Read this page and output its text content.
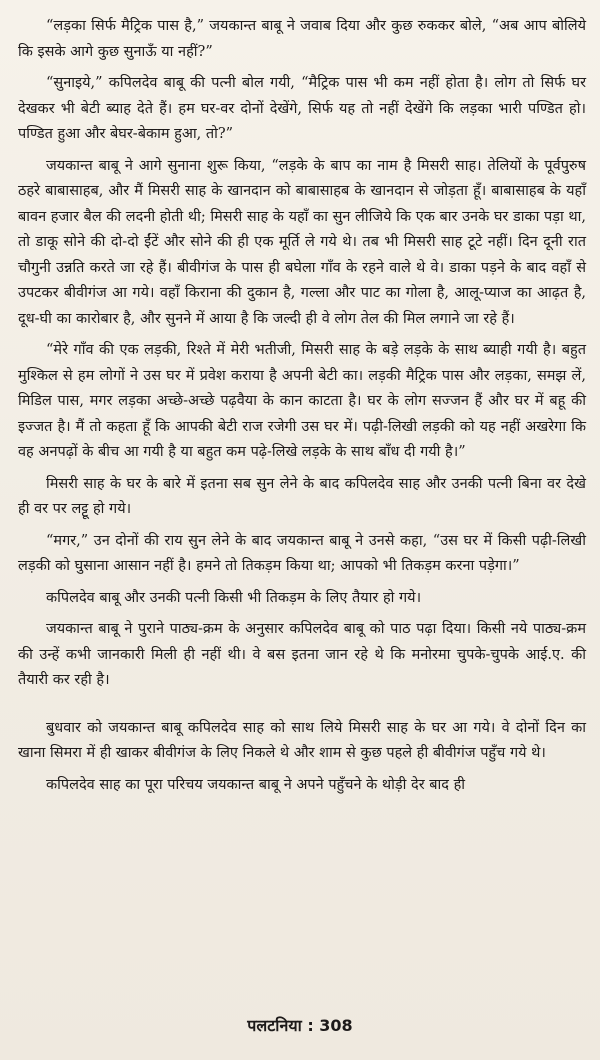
“लड़का सिर्फ मैट्रिक पास है,” जयकान्त बाबू ने जवाब दिया और कुछ रुककर बोले, “अब आप बोलिये कि इसके आगे कुछ सुनाऊँ या नहीं?”

“सुनाइये,” कपिलदेव बाबू की पत्नी बोल गयी, “मैट्रिक पास भी कम नहीं होता है। लोग तो सिर्फ घर देखकर भी बेटी ब्याह देते हैं। हम घर-वर दोनों देखेंगे, सिर्फ यह तो नहीं देखेंगे कि लड़का भारी पण्डित हो। पण्डित हुआ और बेघर-बेकाम हुआ, तो?”

जयकान्त बाबू ने आगे सुनाना शुरू किया, “लड़के के बाप का नाम है मिसरी साह। तेलियों के पूर्वपुरुष ठहरे बाबासाहब, और मैं मिसरी साह के खानदान को बाबासाहब के खानदान से जोड़ता हूँ। बाबासाहब के यहाँ बावन हजार बैल की लदनी होती थी; मिसरी साह के यहाँ का सुन लीजिये कि एक बार उनके घर डाका पड़ा था, तो डाकू सोने की दो-दो ईंटें और सोने की ही एक मूर्ति ले गये थे। तब भी मिसरी साह टूटे नहीं। दिन दूनी रात चौगुनी उन्नति करते जा रहे हैं। बीवीगंज के पास ही बघेला गाँव के रहने वाले थे वे। डाका पड़ने के बाद वहाँ से उपटकर बीवीगंज आ गये। वहाँ किराना की दुकान है, गल्ला और पाट का गोला है, आलू-प्याज का आढ़त है, दूध-घी का कारोबार है, और सुनने में आया है कि जल्दी ही वे लोग तेल की मिल लगाने जा रहे हैं।

“मेरे गाँव की एक लड़की, रिश्ते में मेरी भतीजी, मिसरी साह के बड़े लड़के के साथ ब्याही गयी है। बहुत मुश्किल से हम लोगों ने उस घर में प्रवेश कराया है अपनी बेटी का। लड़की मैट्रिक पास और लड़का, समझ लें, मिडिल पास, मगर लड़का अच्छे-अच्छे पढ़वैया के कान काटता है। घर के लोग सज्जन हैं और घर में बहू की इज्जत है। मैं तो कहता हूँ कि आपकी बेटी राज रजेगी उस घर में। पढ़ी-लिखी लड़की को यह नहीं अखरेगा कि वह अनपढ़ों के बीच आ गयी है या बहुत कम पढ़े-लिखे लड़के के साथ बाँध दी गयी है।”

मिसरी साह के घर के बारे में इतना सब सुन लेने के बाद कपिलदेव साह और उनकी पत्नी बिना वर देखे ही वर पर लट्टू हो गये।

“मगर,” उन दोनों की राय सुन लेने के बाद जयकान्त बाबू ने उनसे कहा, “उस घर में किसी पढ़ी-लिखी लड़की को घुसाना आसान नहीं है। हमने तो तिकड़म किया था; आपको भी तिकड़म करना पड़ेगा।”

कपिलदेव बाबू और उनकी पत्नी किसी भी तिकड़म के लिए तैयार हो गये।

जयकान्त बाबू ने पुराने पाठ्य-क्रम के अनुसार कपिलदेव बाबू को पाठ पढ़ा दिया। किसी नये पाठ्य-क्रम की उन्हें कभी जानकारी मिली ही नहीं थी। वे बस इतना जान रहे थे कि मनोरमा चुपके-चुपके आई.ए. की तैयारी कर रही है।

बुधवार को जयकान्त बाबू कपिलदेव साह को साथ लिये मिसरी साह के घर आ गये। वे दोनों दिन का खाना सिमरा में ही खाकर बीवीगंज के लिए निकले थे और शाम से कुछ पहले ही बीवीगंज पहुँच गये थे।

कपिलदेव साह का पूरा परिचय जयकान्त बाबू ने अपने पहुँचने के थोड़ी देर बाद ही

पलटनिया : 308
